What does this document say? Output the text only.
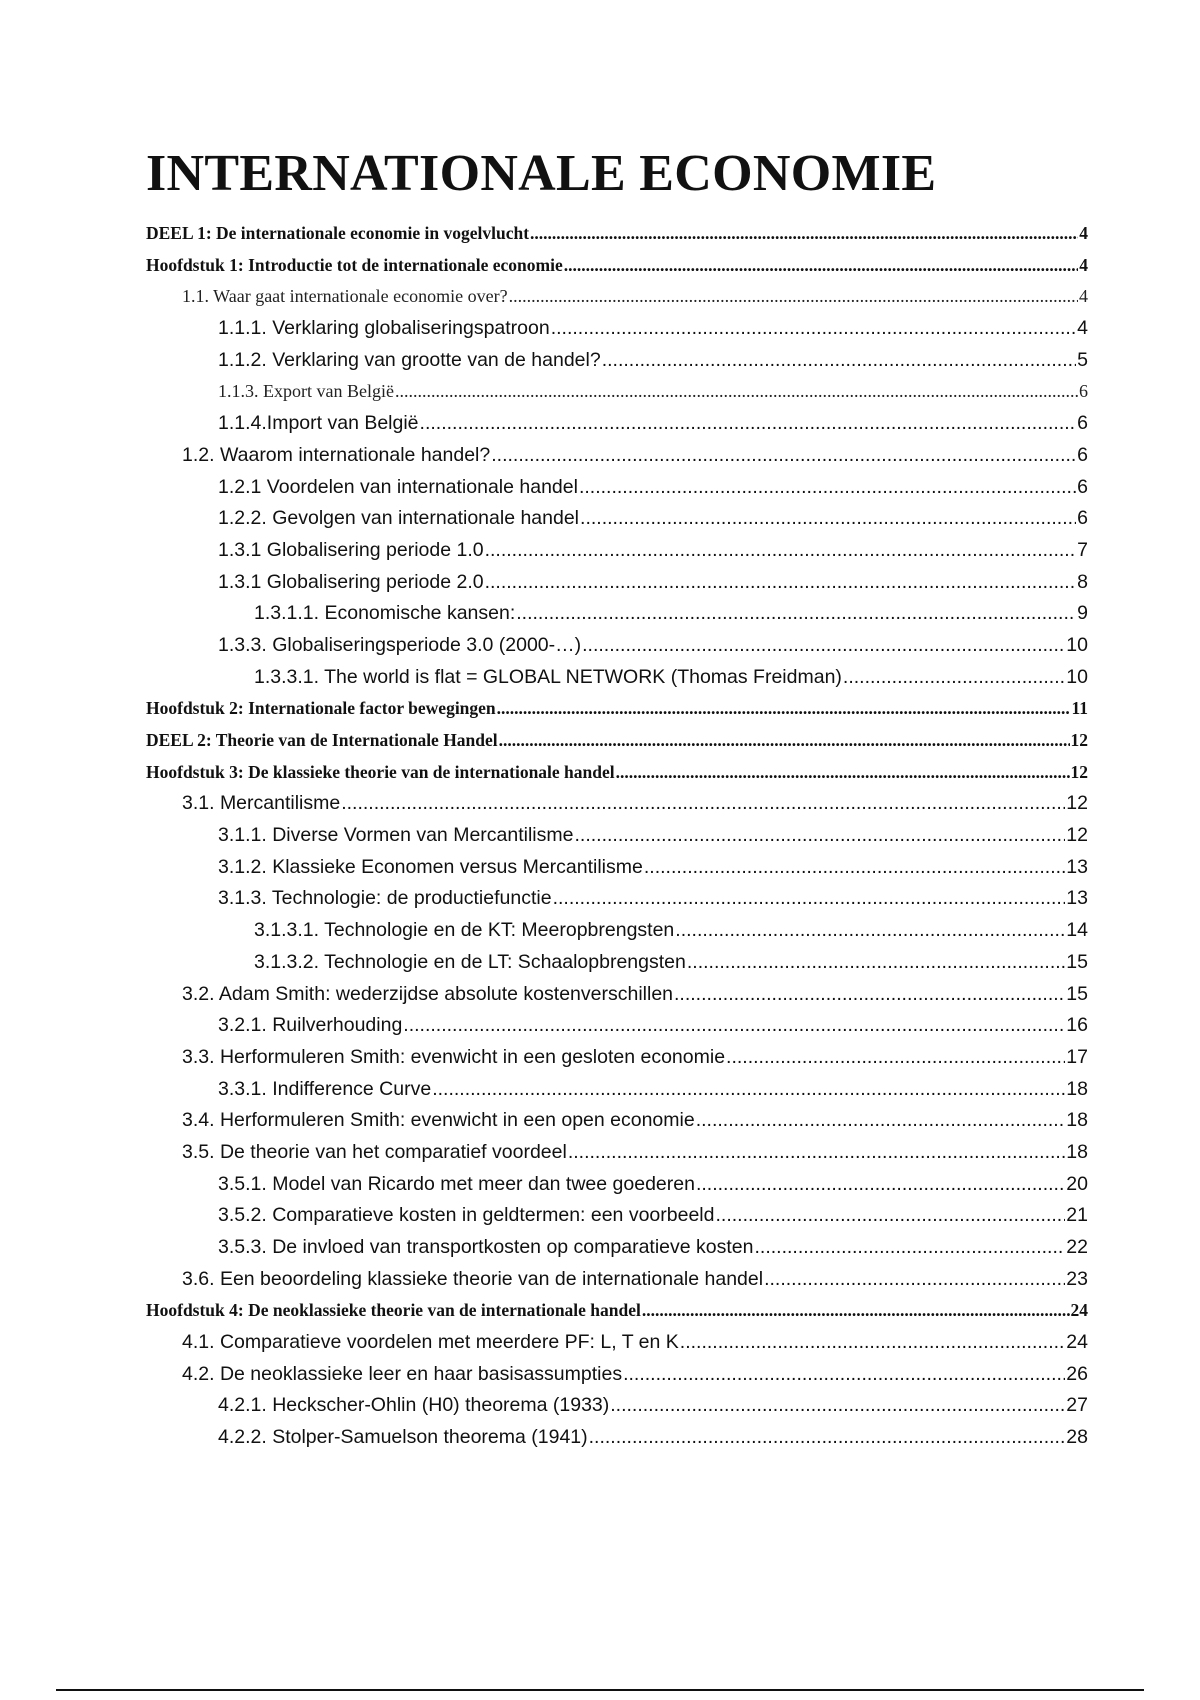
INTERNATIONALE ECONOMIE
DEEL 1: De internationale economie in vogelvlucht .....	4
Hoofdstuk 1: Introductie tot de internationale economie .....	4
1.1. Waar gaat internationale economie over? .....	4
1.1.1. Verklaring globaliseringspatroon .....	4
1.1.2. Verklaring van grootte van de handel? .....	5
1.1.3. Export van België .....	6
1.1.4.Import van België .....	6
1.2. Waarom internationale handel? .....	6
1.2.1 Voordelen van internationale handel .....	6
1.2.2. Gevolgen van internationale handel .....	6
1.3.1 Globalisering periode 1.0 .....	7
1.3.1 Globalisering periode 2.0 .....	8
1.3.1.1. Economische kansen: .....	9
1.3.3. Globaliseringsperiode 3.0 (2000-…) .....	10
1.3.3.1. The world is flat = GLOBAL NETWORK (Thomas Freidman) .....	10
Hoofdstuk 2: Internationale factor bewegingen .....	11
DEEL 2: Theorie van de Internationale Handel .....	12
Hoofdstuk 3: De klassieke theorie van de internationale handel .....	12
3.1. Mercantilisme .....	12
3.1.1. Diverse Vormen van Mercantilisme .....	12
3.1.2. Klassieke Economen versus Mercantilisme .....	13
3.1.3. Technologie: de productiefunctie .....	13
3.1.3.1. Technologie en de KT: Meeropbrengsten .....	14
3.1.3.2. Technologie en de LT: Schaalopbrengsten .....	15
3.2. Adam Smith: wederzijdse absolute kostenverschillen .....	15
3.2.1. Ruilverhouding .....	16
3.3. Herformuleren Smith: evenwicht in een gesloten economie .....	17
3.3.1. Indifference Curve .....	18
3.4. Herformuleren Smith: evenwicht in een open economie .....	18
3.5. De theorie van het comparatief voordeel .....	18
3.5.1. Model van Ricardo met meer dan twee goederen .....	20
3.5.2. Comparatieve kosten in geldtermen: een voorbeeld .....	21
3.5.3. De invloed van transportkosten op comparatieve kosten .....	22
3.6. Een beoordeling klassieke theorie van de internationale handel .....	23
Hoofdstuk 4: De neoklassieke theorie van de internationale handel .....	24
4.1. Comparatieve voordelen met meerdere PF: L, T en K .....	24
4.2. De neoklassieke leer en haar basisassumpties .....	26
4.2.1. Heckscher-Ohlin (H0) theorema (1933) .....	27
4.2.2. Stolper-Samuelson theorema (1941) .....	28
